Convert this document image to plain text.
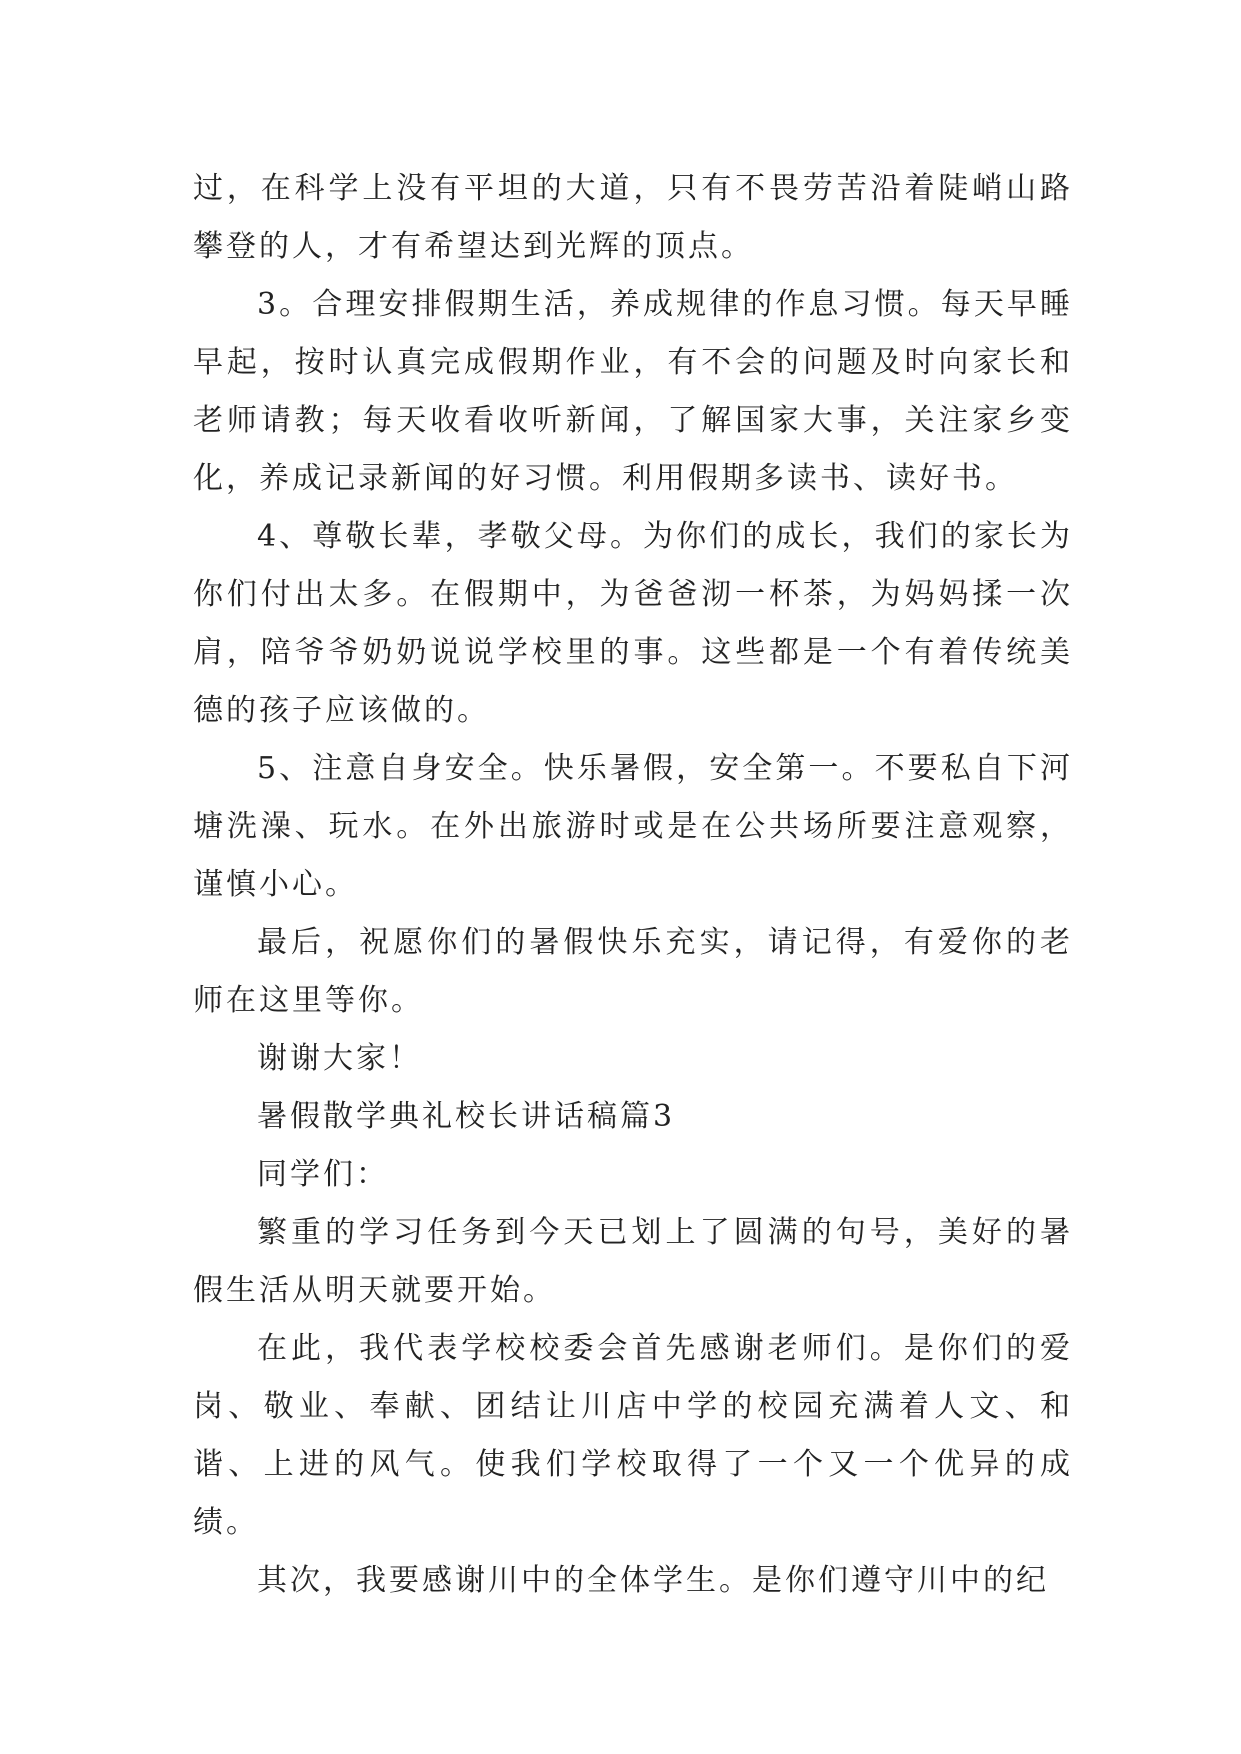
过，在科学上没有平坦的大道，只有不畏劳苦沿着陡峭山路攀登的人，才有希望达到光辉的顶点。

3。合理安排假期生活，养成规律的作息习惯。每天早睡早起，按时认真完成假期作业，有不会的问题及时向家长和老师请教；每天收看收听新闻，了解国家大事，关注家乡变化，养成记录新闻的好习惯。利用假期多读书、读好书。

4、尊敬长辈，孝敬父母。为你们的成长，我们的家长为你们付出太多。在假期中，为爸爸沏一杯茶，为妈妈揉一次肩，陪爷爷奶奶说说学校里的事。这些都是一个有着传统美德的孩子应该做的。

5、注意自身安全。快乐暑假，安全第一。不要私自下河塘洗澡、玩水。在外出旅游时或是在公共场所要注意观察，谨慎小心。

最后，祝愿你们的暑假快乐充实，请记得，有爱你的老师在这里等你。

谢谢大家！

暑假散学典礼校长讲话稿篇3

同学们：

繁重的学习任务到今天已划上了圆满的句号，美好的暑假生活从明天就要开始。

在此，我代表学校校委会首先感谢老师们。是你们的爱岗、敬业、奉献、团结让川店中学的校园充满着人文、和谐、上进的风气。使我们学校取得了一个又一个优异的成绩。

其次，我要感谢川中的全体学生。是你们遵守川中的纪
